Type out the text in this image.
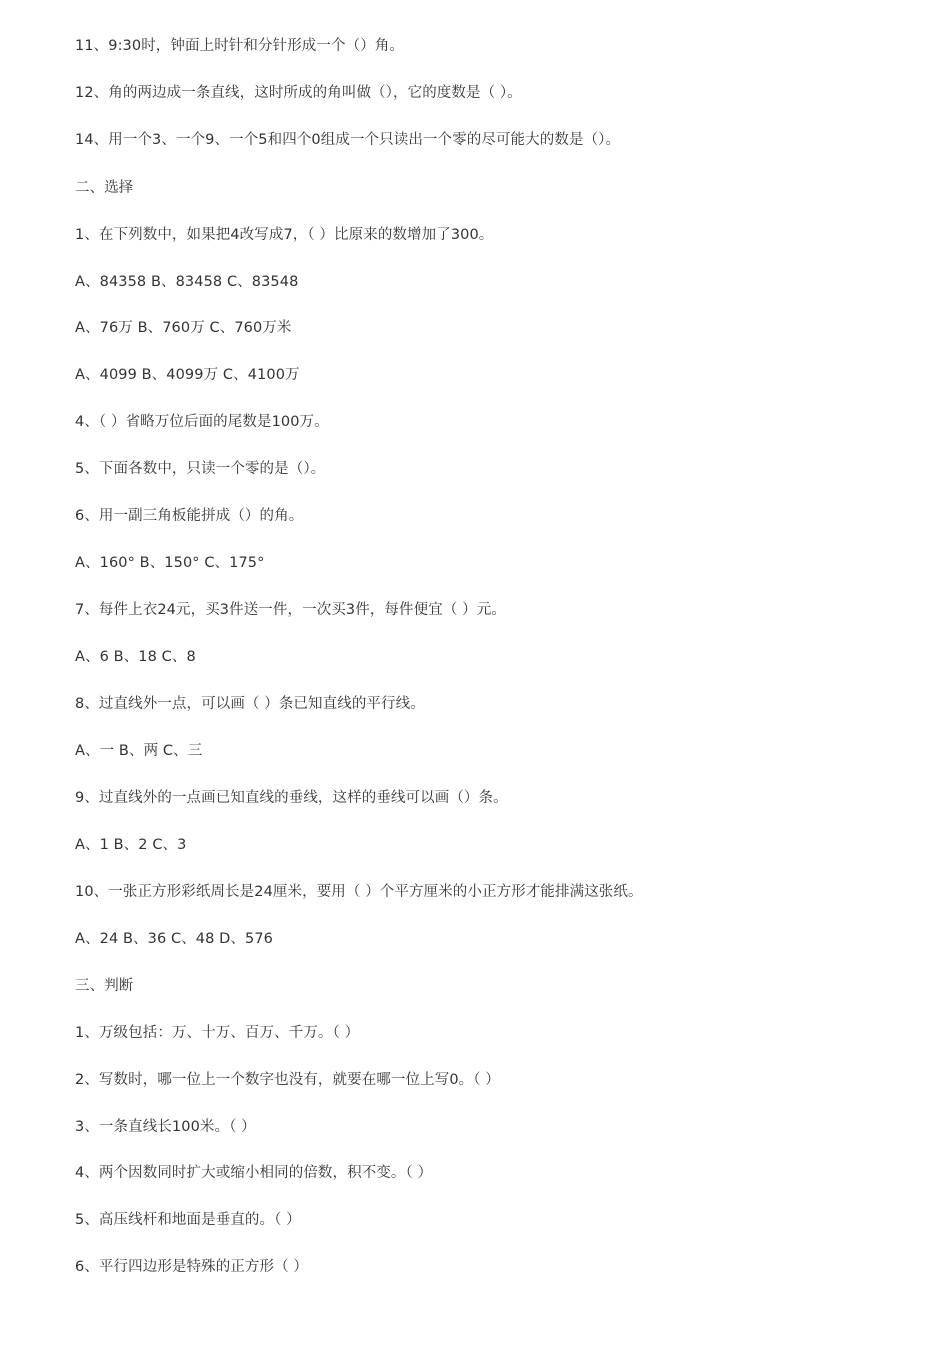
11、9:30时，钟面上时针和分针形成一个（）角。
12、角的两边成一条直线，这时所成的角叫做（），它的度数是（ ）。
14、用一个3、一个9、一个5和四个0组成一个只读出一个零的尽可能大的数是（）。
二、选择
1、在下列数中，如果把4改写成7，（ ）比原来的数增加了300。
A、84358 B、83458 C、83548
A、76万 B、760万 C、760万米
A、4099 B、4099万 C、4100万
4、（ ）省略万位后面的尾数是100万。
5、下面各数中，只读一个零的是（）。
6、用一副三角板能拼成（）的角。
A、160° B、150° C、175°
7、每件上衣24元，买3件送一件，一次买3件，每件便宜（ ）元。
A、6 B、18 C、8
8、过直线外一点，可以画（ ）条已知直线的平行线。
A、一 B、两 C、三
9、过直线外的一点画已知直线的垂线，这样的垂线可以画（）条。
A、1 B、2 C、3
10、一张正方形彩纸周长是24厘米，要用（ ）个平方厘米的小正方形才能排满这张纸。
A、24 B、36 C、48 D、576
三、判断
1、万级包括：万、十万、百万、千万。（ ）
2、写数时，哪一位上一个数字也没有，就要在哪一位上写0。（ ）
3、一条直线长100米。（ ）
4、两个因数同时扩大或缩小相同的倍数，积不变。（ ）
5、高压线杆和地面是垂直的。（ ）
6、平行四边形是特殊的正方形（ ）
